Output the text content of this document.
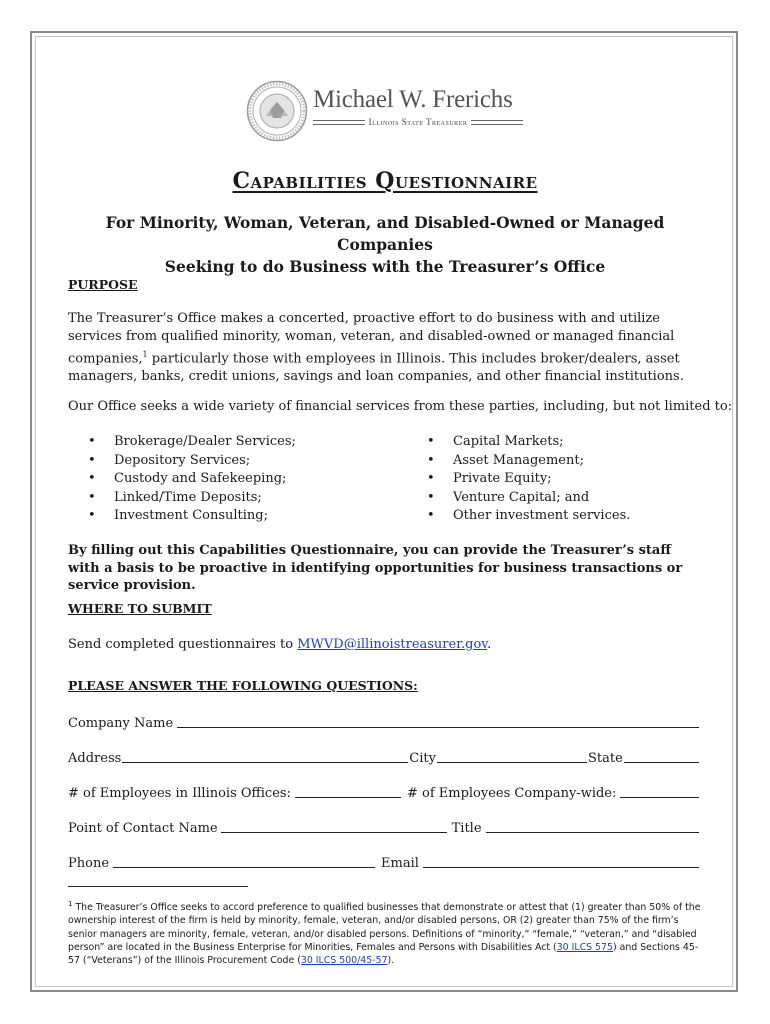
Michael W. Frerichs
Illinois State Treasurer
Capabilities Questionnaire
For Minority, Woman, Veteran, and Disabled-Owned or Managed Companies
Seeking to do Business with the Treasurer’s Office
PURPOSE
The Treasurer’s Office makes a concerted, proactive effort to do business with and utilize services from qualified minority, woman, veteran, and disabled-owned or managed financial companies,$^1$ particularly those with employees in Illinois. This includes broker/dealers, asset managers, banks, credit unions, savings and loan companies, and other financial institutions.
Our Office seeks a wide variety of financial services from these parties, including, but not limited to:
• Brokerage/Dealer Services;
• Depository Services;
• Custody and Safekeeping;
• Linked/Time Deposits;
• Investment Consulting;
• Capital Markets;
• Asset Management;
• Private Equity;
• Venture Capital; and
• Other investment services.
By filling out this Capabilities Questionnaire, you can provide the Treasurer’s staff with a basis to be proactive in identifying opportunities for business transactions or service provision.
WHERE TO SUBMIT
Send completed questionnaires to MWVD@illinoistreasurer.gov.
PLEASE ANSWER THE FOLLOWING QUESTIONS:
Company Name
Address	City	State
# of Employees in Illinois Offices:	# of Employees Company-wide:
Point of Contact Name	Title
Phone	Email
$^1$ The Treasurer’s Office seeks to accord preference to qualified businesses that demonstrate or attest that (1) greater than 50% of the ownership interest of the firm is held by minority, female, veteran, and/or disabled persons, OR (2) greater than 75% of the firm’s senior managers are minority, female, veteran, and/or disabled persons. Definitions of “minority,” “female,” “veteran,” and “disabled person” are located in the Business Enterprise for Minorities, Females and Persons with Disabilities Act (30 ILCS 575) and Sections 45-57 (“Veterans”) of the Illinois Procurement Code (30 ILCS 500/45-57).
